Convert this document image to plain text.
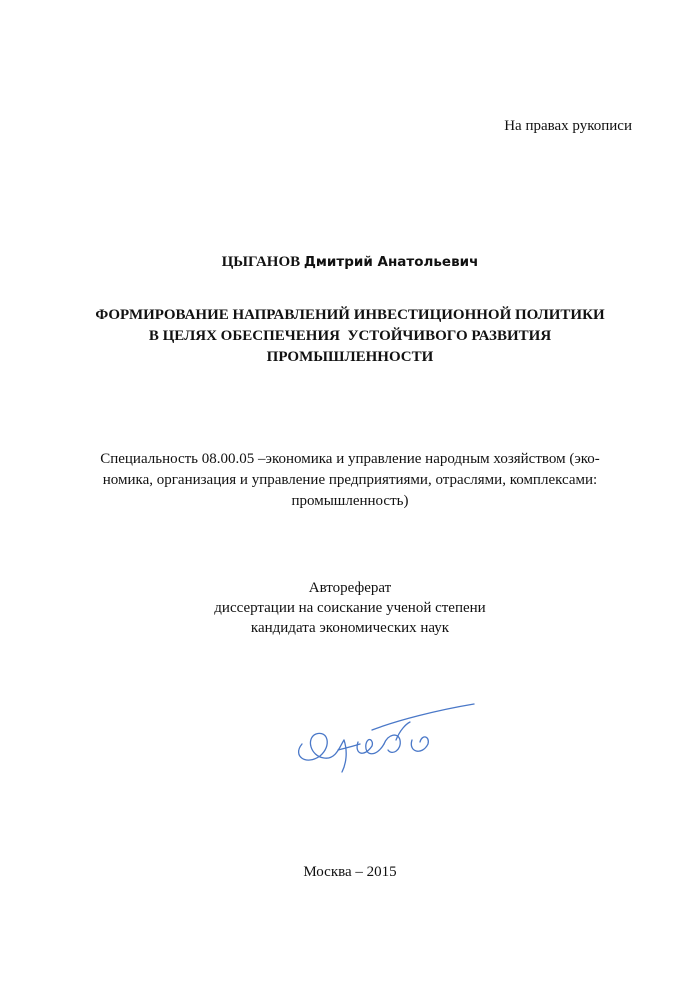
На правах рукописи
ЦЫГАНОВ Дмитрий Анатольевич
ФОРМИРОВАНИЕ НАПРАВЛЕНИЙ ИНВЕСТИЦИОННОЙ ПОЛИТИКИ
В ЦЕЛЯХ ОБЕСПЕЧЕНИЯ  УСТОЙЧИВОГО РАЗВИТИЯ
ПРОМЫШЛЕННОСТИ
Специальность 08.00.05 –экономика и управление народным хозяйством (эко-
номика, организация и управление предприятиями, отраслями, комплексами:
промышленность)
Автореферат
диссертации на соискание ученой степени
кандидата экономических наук
Москва – 2015
